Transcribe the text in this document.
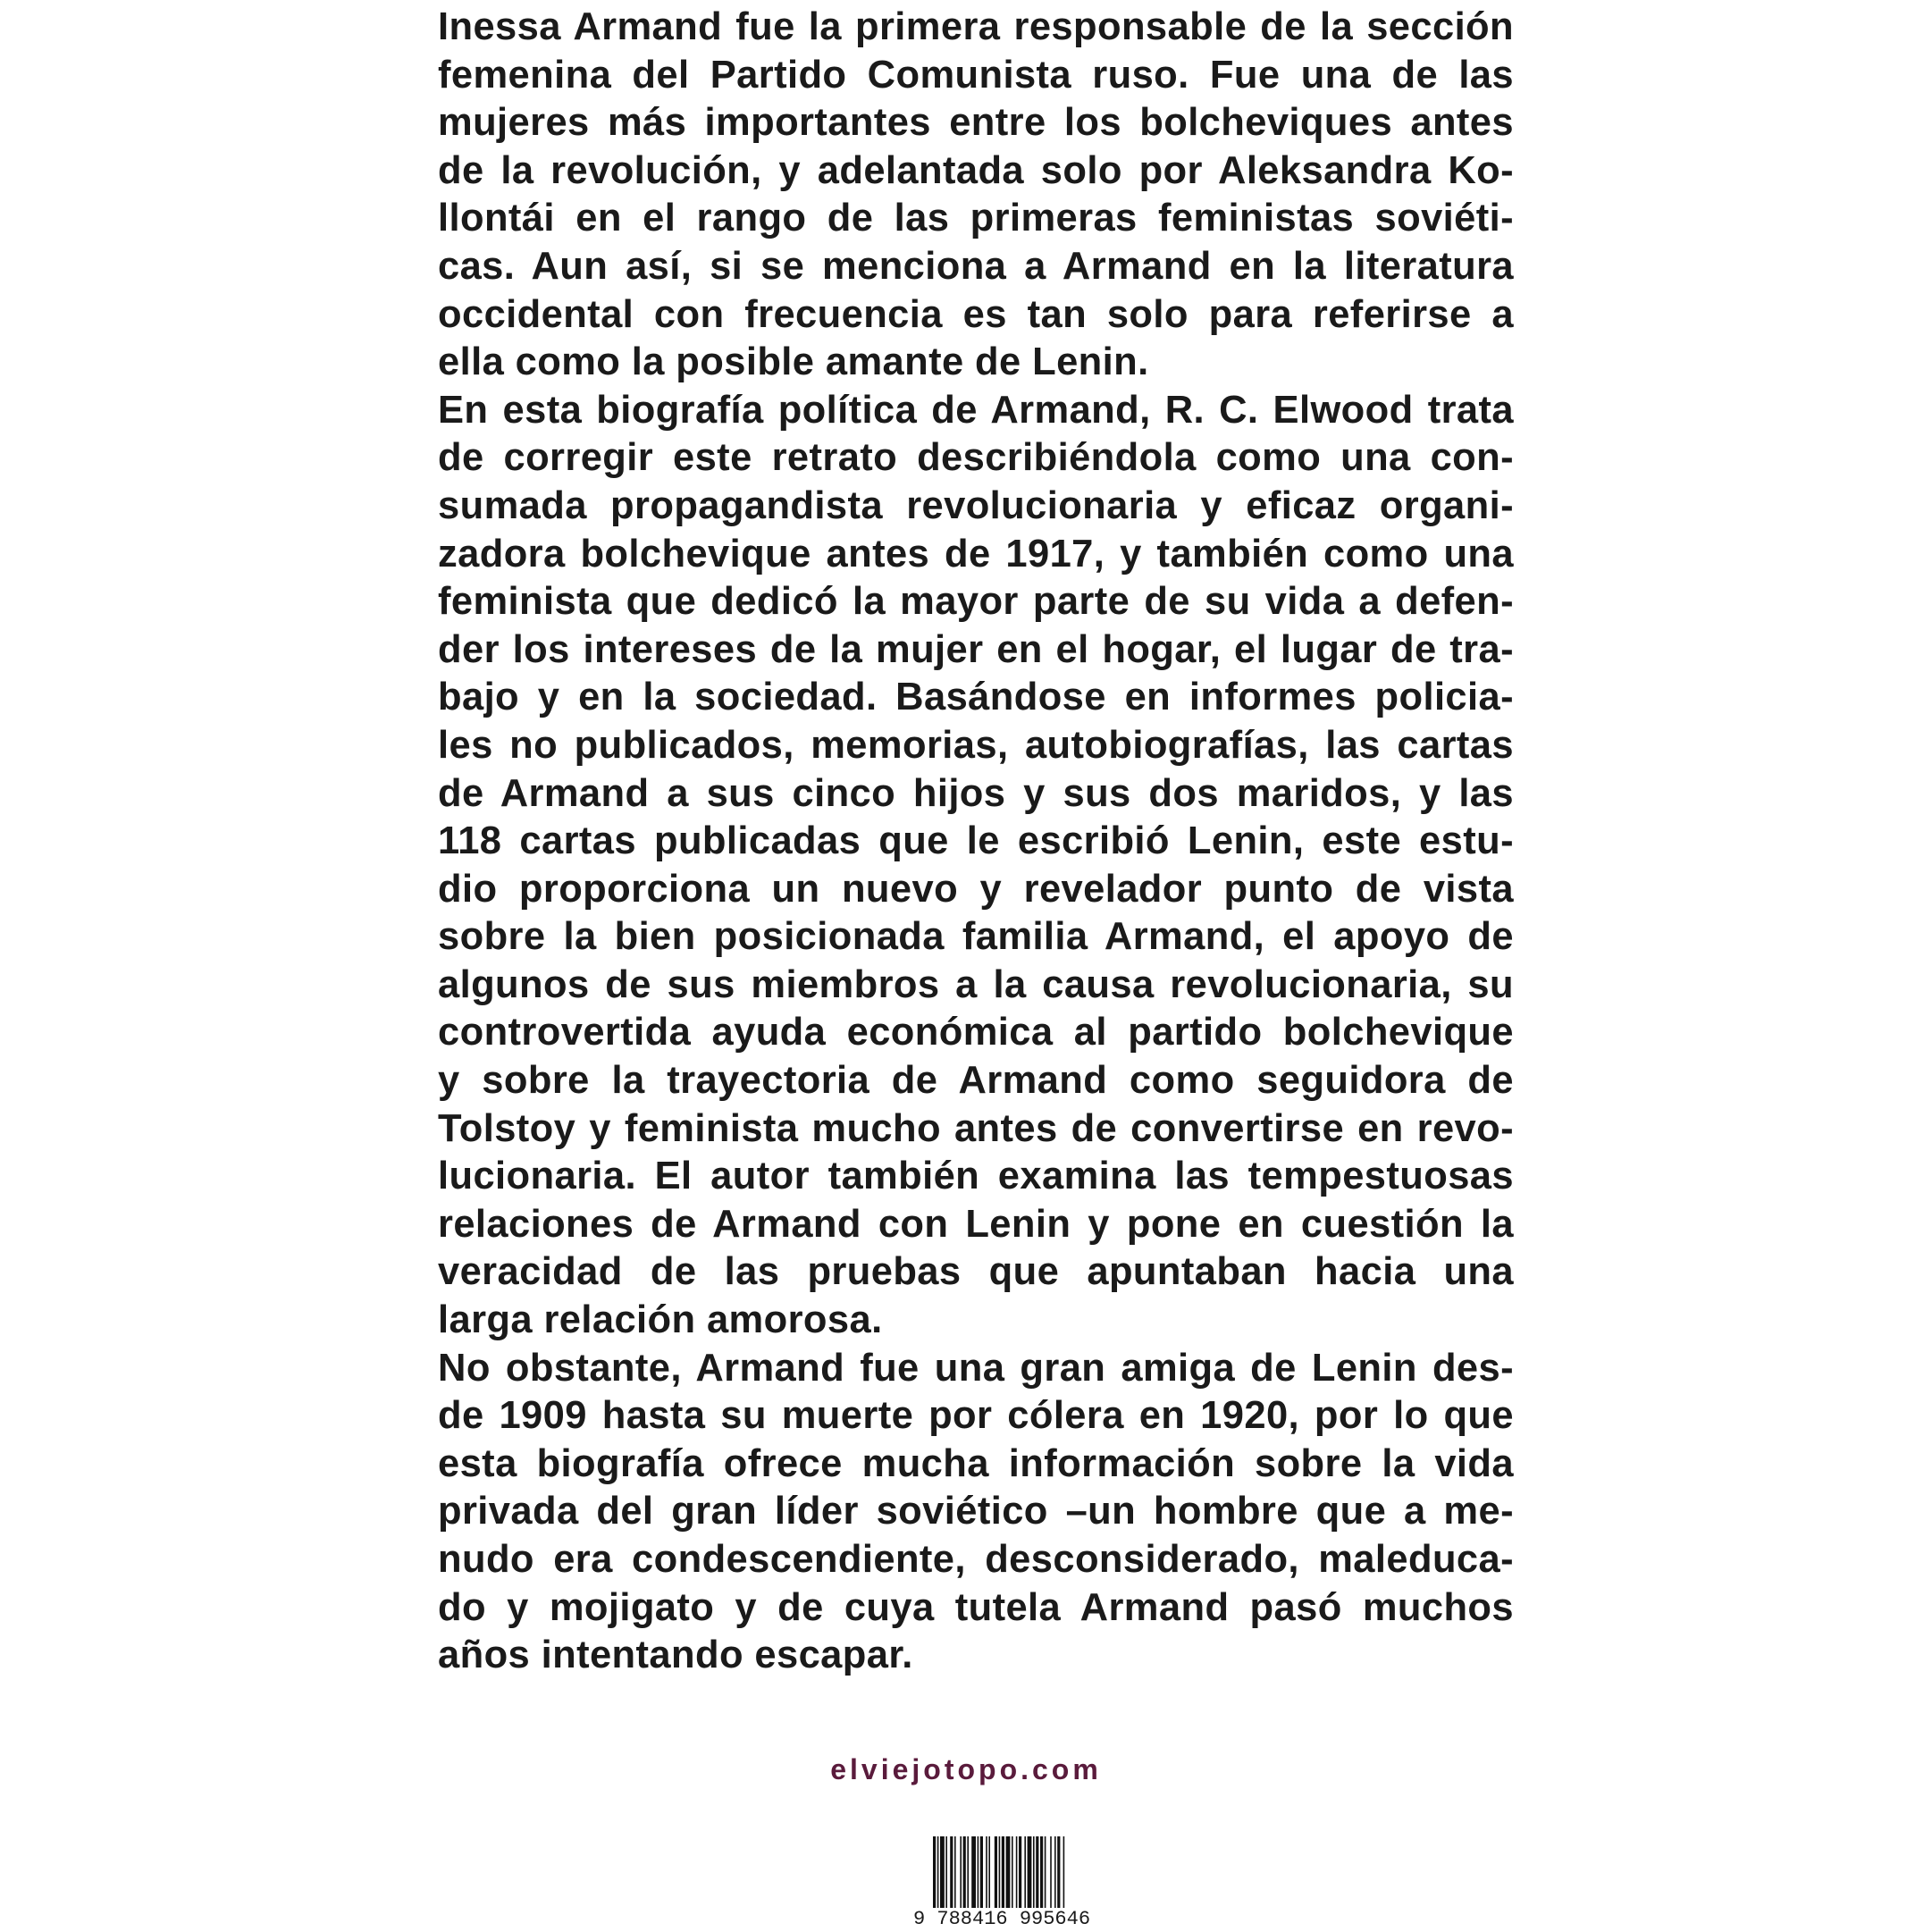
Inessa Armand fue la primera responsable de la sección
femenina del Partido Comunista ruso. Fue una de las
mujeres más importantes entre los bolcheviques antes
de la revolución, y adelantada solo por Aleksandra Ko-
llontái en el rango de las primeras feministas soviéti-
cas. Aun así, si se menciona a Armand en la literatura
occidental con frecuencia es tan solo para referirse a
ella como la posible amante de Lenin.
En esta biografía política de Armand, R. C. Elwood trata
de corregir este retrato describiéndola como una con-
sumada propagandista revolucionaria y eficaz organi-
zadora bolchevique antes de 1917, y también como una
feminista que dedicó la mayor parte de su vida a defen-
der los intereses de la mujer en el hogar, el lugar de tra-
bajo y en la sociedad. Basándose en informes policia-
les no publicados, memorias, autobiografías, las cartas
de Armand a sus cinco hijos y sus dos maridos, y las
118 cartas publicadas que le escribió Lenin, este estu-
dio proporciona un nuevo y revelador punto de vista
sobre la bien posicionada familia Armand, el apoyo de
algunos de sus miembros a la causa revolucionaria, su
controvertida ayuda económica al partido bolchevique
y sobre la trayectoria de Armand como seguidora de
Tolstoy y feminista mucho antes de convertirse en revo-
lucionaria. El autor también examina las tempestuosas
relaciones de Armand con Lenin y pone en cuestión la
veracidad de las pruebas que apuntaban hacia una
larga relación amorosa.
No obstante, Armand fue una gran amiga de Lenin des-
de 1909 hasta su muerte por cólera en 1920, por lo que
esta biografía ofrece mucha información sobre la vida
privada del gran líder soviético –un hombre que a me-
nudo era condescendiente, desconsiderado, maleduca-
do y mojigato y de cuya tutela Armand pasó muchos
años intentando escapar.
elviejotopo.com
9 788416 995646
